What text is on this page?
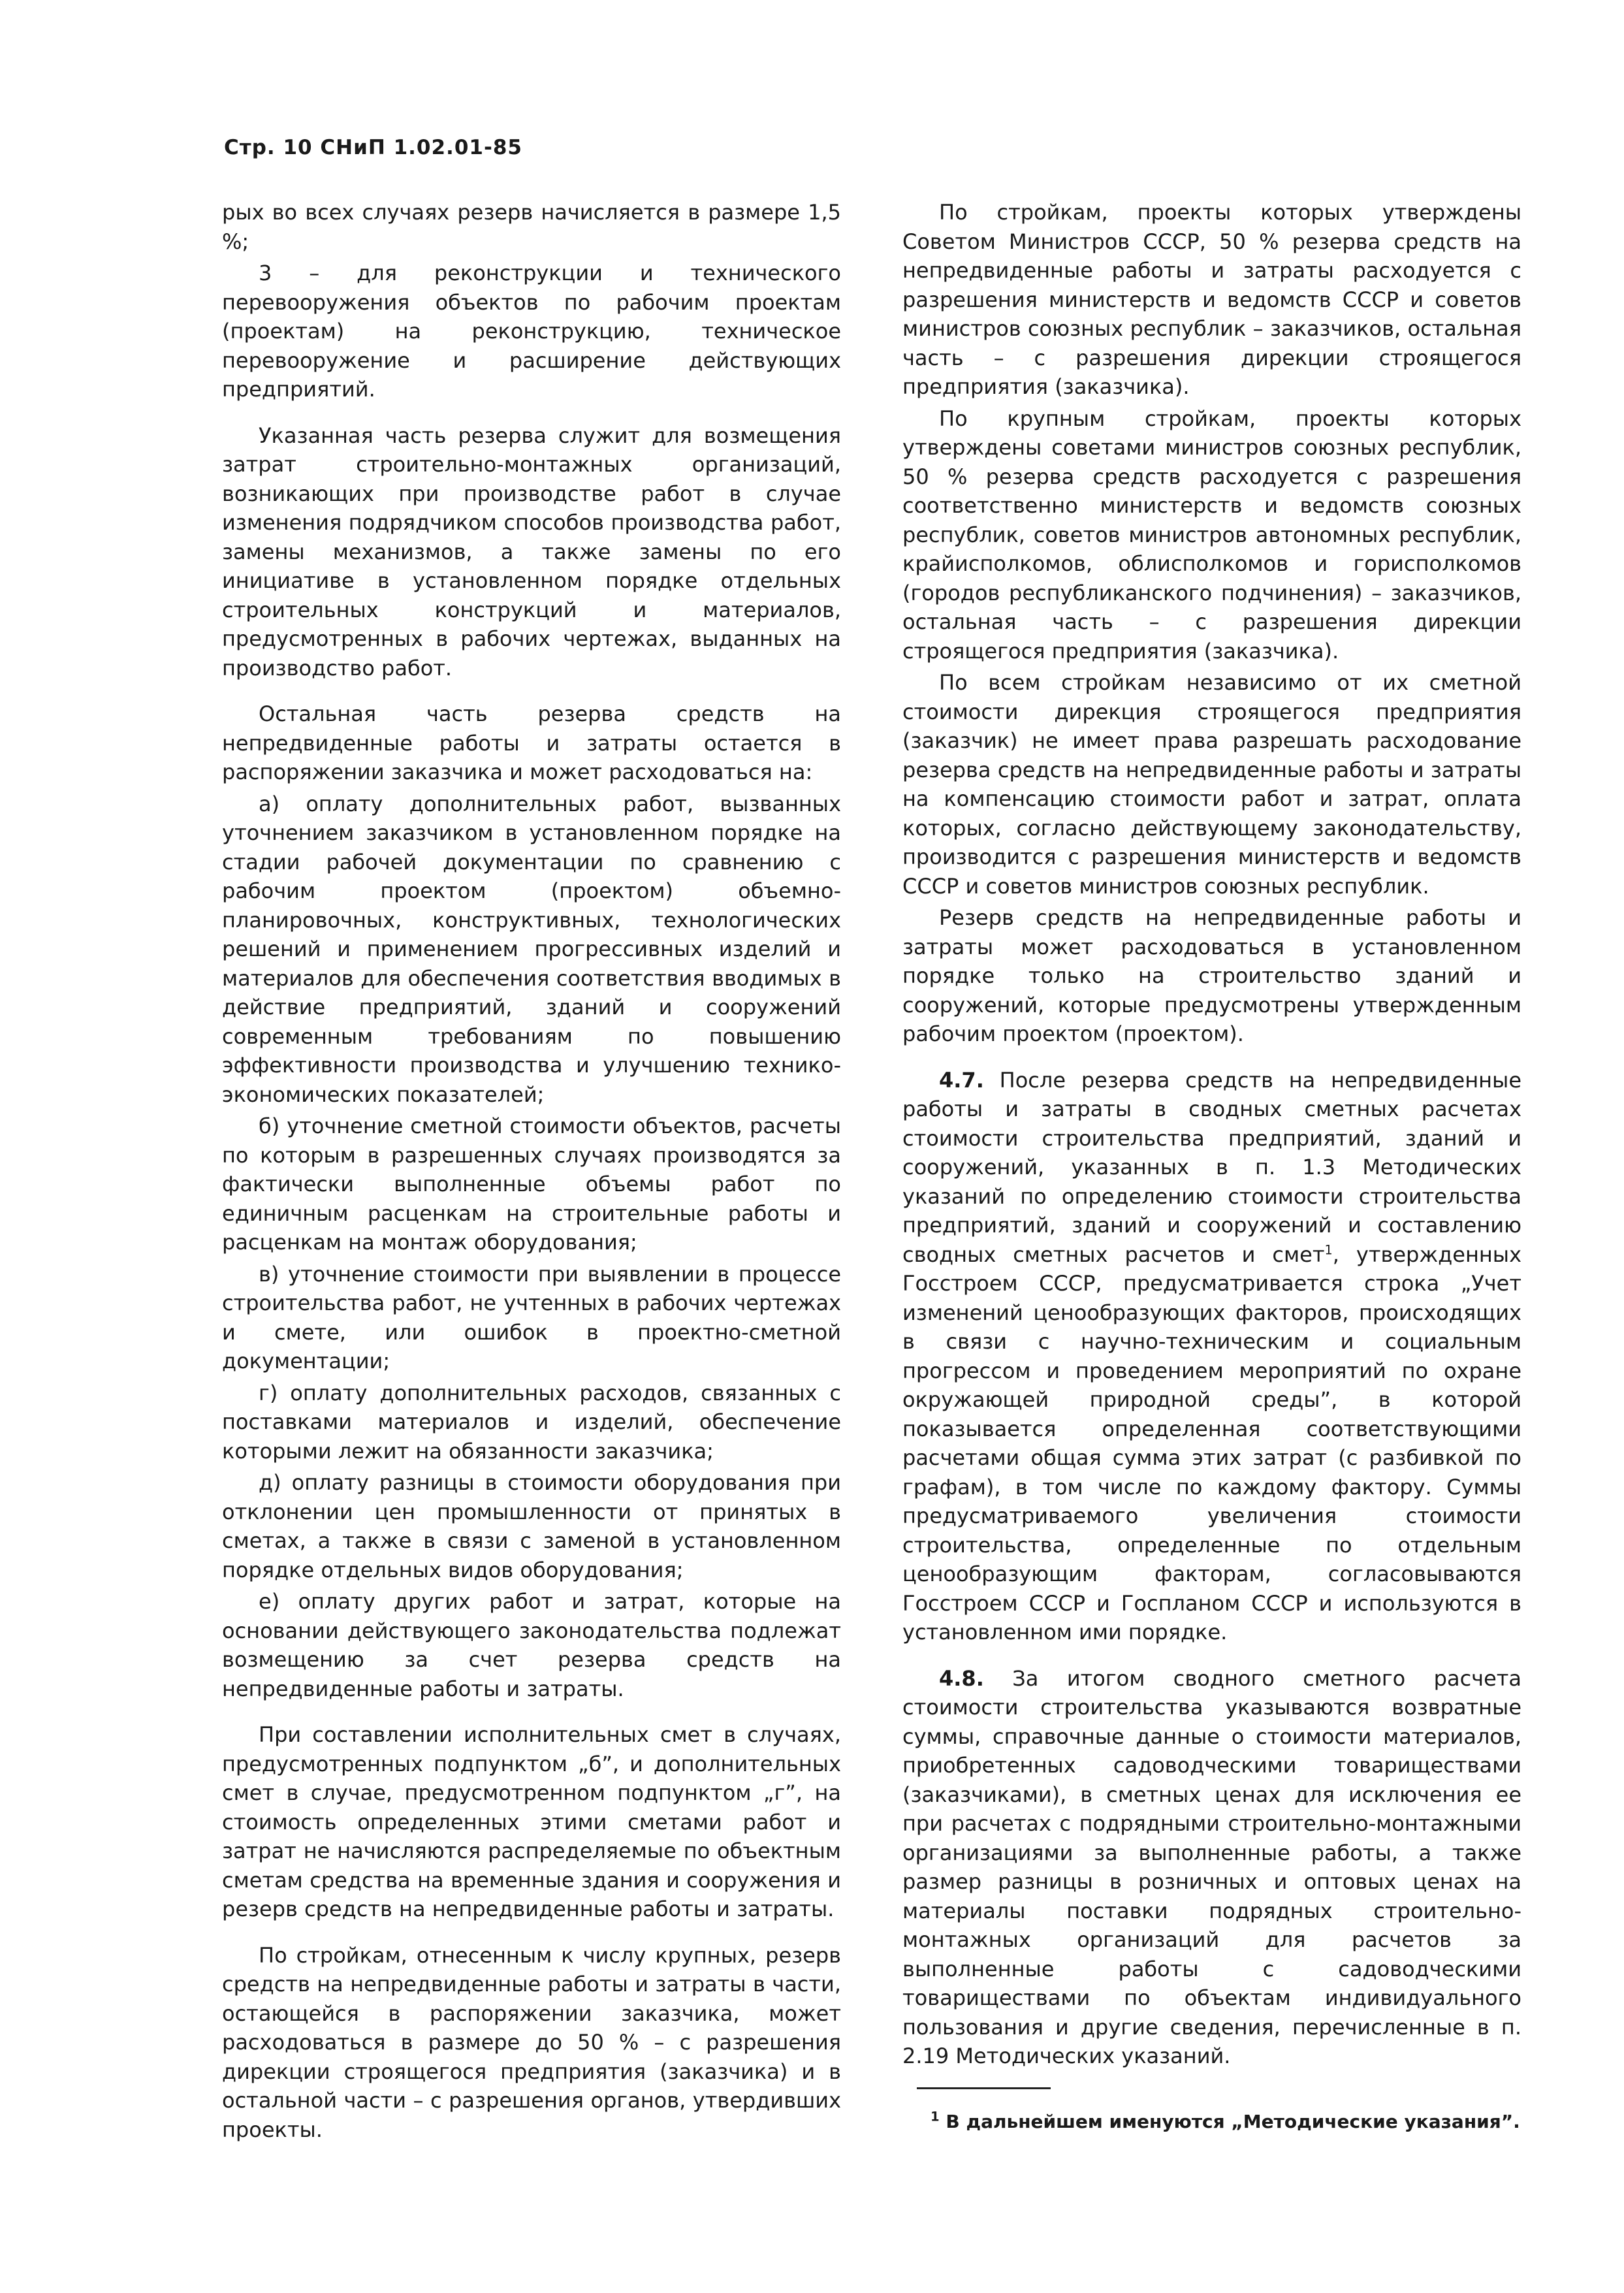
Стр. 10 СНиП 1.02.01-85

рых во всех случаях резерв начисляется в размере 1,5 %;

3 – для реконструкции и технического перевооружения объектов по рабочим проектам (проектам) на реконструкцию, техническое перевооружение и расширение действующих предприятий.

Указанная часть резерва служит для возмещения затрат строительно-монтажных организаций, возникающих при производстве работ в случае изменения подрядчиком способов производства работ, замены механизмов, а также замены по его инициативе в установленном порядке отдельных строительных конструкций и материалов, предусмотренных в рабочих чертежах, выданных на производство работ.

Остальная часть резерва средств на непредвиденные работы и затраты остается в распоряжении заказчика и может расходоваться на:

а) оплату дополнительных работ, вызванных уточнением заказчиком в установленном порядке на стадии рабочей документации по сравнению с рабочим проектом (проектом) объемно-планировочных, конструктивных, технологических решений и применением прогрессивных изделий и материалов для обеспечения соответствия вводимых в действие предприятий, зданий и сооружений современным требованиям по повышению эффективности производства и улучшению технико-экономических показателей;

б) уточнение сметной стоимости объектов, расчеты по которым в разрешенных случаях производятся за фактически выполненные объемы работ по единичным расценкам на строительные работы и расценкам на монтаж оборудования;

в) уточнение стоимости при выявлении в процессе строительства работ, не учтенных в рабочих чертежах и смете, или ошибок в проектно-сметной документации;

г) оплату дополнительных расходов, связанных с поставками материалов и изделий, обеспечение которыми лежит на обязанности заказчика;

д) оплату разницы в стоимости оборудования при отклонении цен промышленности от принятых в сметах, а также в связи с заменой в установленном порядке отдельных видов оборудования;

е) оплату других работ и затрат, которые на основании действующего законодательства подлежат возмещению за счет резерва средств на непредвиденные работы и затраты.

При составлении исполнительных смет в случаях, предусмотренных подпунктом „б”, и дополнительных смет в случае, предусмотренном подпунктом „г”, на стоимость определенных этими сметами работ и затрат не начисляются распределяемые по объектным сметам средства на временные здания и сооружения и резерв средств на непредвиденные работы и затраты.

По стройкам, отнесенным к числу крупных, резерв средств на непредвиденные работы и затраты в части, остающейся в распоряжении заказчика, может расходоваться в размере до 50 % – с разрешения дирекции строящегося предприятия (заказчика) и в остальной части – с разрешения органов, утвердивших проекты.

По стройкам, проекты которых утверждены Советом Министров СССР, 50 % резерва средств на непредвиденные работы и затраты расходуется с разрешения министерств и ведомств СССР и советов министров союзных республик – заказчиков, остальная часть – с разрешения дирекции строящегося предприятия (заказчика).

По крупным стройкам, проекты которых утверждены советами министров союзных республик, 50 % резерва средств расходуется с разрешения соответственно министерств и ведомств союзных республик, советов министров автономных республик, крайисполкомов, облисполкомов и горисполкомов (городов республиканского подчинения) – заказчиков, остальная часть – с разрешения дирекции строящегося предприятия (заказчика).

По всем стройкам независимо от их сметной стоимости дирекция строящегося предприятия (заказчик) не имеет права разрешать расходование резерва средств на непредвиденные работы и затраты на компенсацию стоимости работ и затрат, оплата которых, согласно действующему законодательству, производится с разрешения министерств и ведомств СССР и советов министров союзных республик.

Резерв средств на непредвиденные работы и затраты может расходоваться в установленном порядке только на строительство зданий и сооружений, которые предусмотрены утвержденным рабочим проектом (проектом).

4.7. После резерва средств на непредвиденные работы и затраты в сводных сметных расчетах стоимости строительства предприятий, зданий и сооружений, указанных в п. 1.3 Методических указаний по определению стоимости строительства предприятий, зданий и сооружений и составлению сводных сметных расчетов и смет$^1$, утвержденных Госстроем СССР, предусматривается строка „Учет изменений ценообразующих факторов, происходящих в связи с научно-техническим и социальным прогрессом и проведением мероприятий по охране окружающей природной среды”, в которой показывается определенная соответствующими расчетами общая сумма этих затрат (с разбивкой по графам), в том числе по каждому фактору. Суммы предусматриваемого увеличения стоимости строительства, определенные по отдельным ценообразующим факторам, согласовываются Госстроем СССР и Госпланом СССР и используются в установленном ими порядке.

4.8. За итогом сводного сметного расчета стоимости строительства указываются возвратные суммы, справочные данные о стоимости материалов, приобретенных садоводческими товариществами (заказчиками), в сметных ценах для исключения ее при расчетах с подрядными строительно-монтажными организациями за выполненные работы, а также размер разницы в розничных и оптовых ценах на материалы поставки подрядных строительно-монтажных организаций для расчетов за выполненные работы с садоводческими товариществами по объектам индивидуального пользования и другие сведения, перечисленные в п. 2.19 Методических указаний.

$^1$ В дальнейшем именуются „Методические указания”.
